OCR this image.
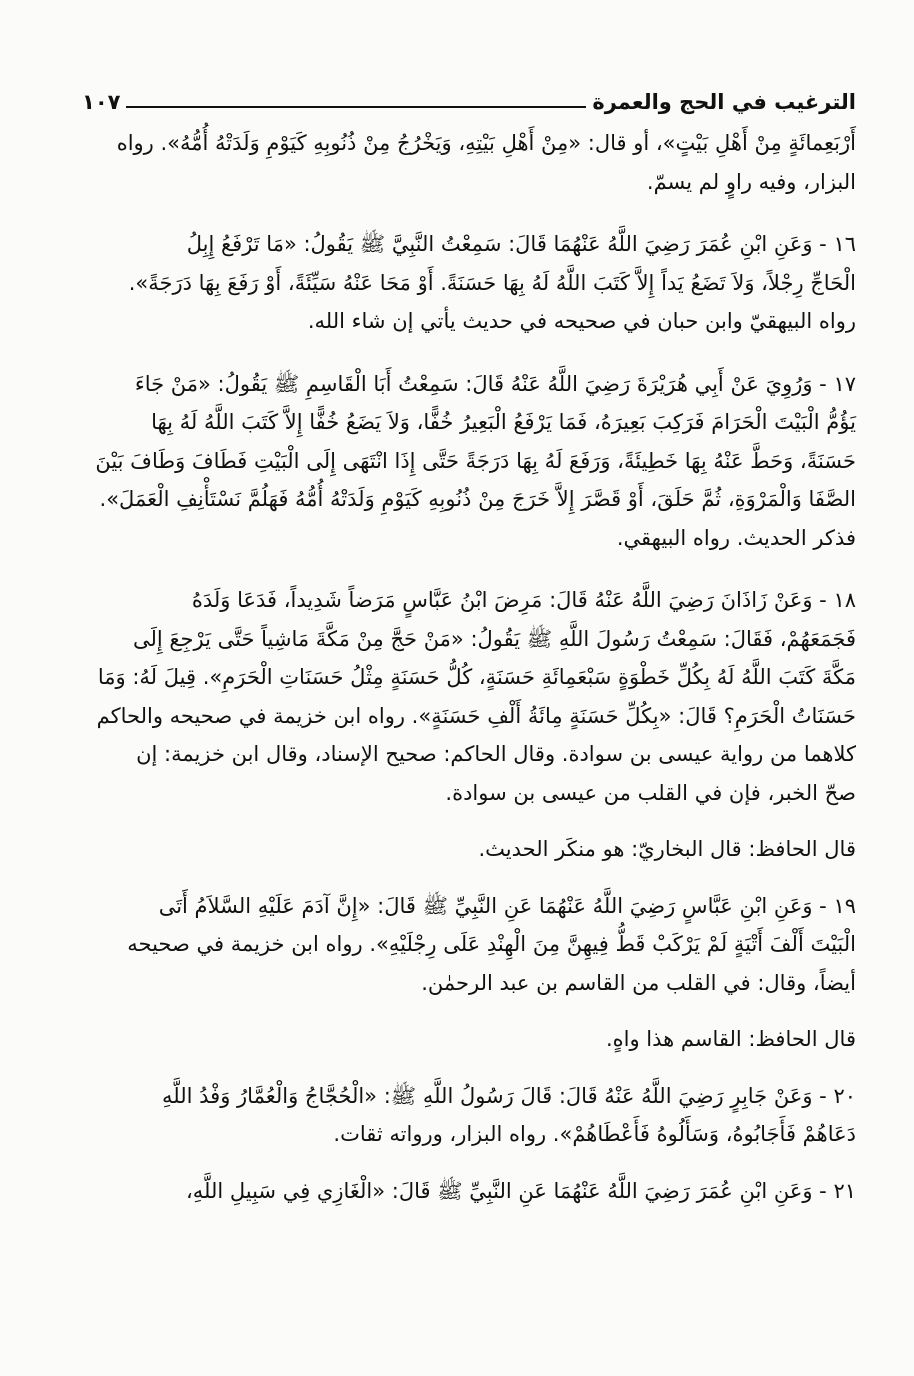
الترغيب في الحج والعمرة
١٠٧

أَرْبَعِمائَةٍ مِنْ أَهْلِ بَيْتٍ»، أو قال: «مِنْ أَهْلِ بَيْتِهِ، وَيَخْرُجُ مِنْ ذُنُوبِهِ كَيَوْمِ وَلَدَتْهُ أُمُّهُ». رواه

البزار، وفيه راوٍ لم يسمّ.

١٦ - وَعَنِ ابْنِ عُمَرَ رَضِيَ اللَّهُ عَنْهُمَا قَالَ: سَمِعْتُ النَّبِيَّ ﷺ يَقُولُ: «مَا تَرْفَعُ إِبِلُ

الْحَاجِّ رِجْلاً، وَلاَ تَضَعُ يَداً إِلاَّ كَتَبَ اللَّهُ لَهُ بِهَا حَسَنَةً. أَوْ مَحَا عَنْهُ سَيِّئَةً، أَوْ رَفَعَ بِهَا دَرَجَةً».

رواه البيهقيّ وابن حبان في صحيحه في حديث يأتي إن شاء الله.

١٧ - وَرُوِيَ عَنْ أَبِي هُرَيْرَةَ رَضِيَ اللَّهُ عَنْهُ قَالَ: سَمِعْتُ أَبَا الْقَاسِمِ ﷺ يَقُولُ: «مَنْ جَاءَ

يَؤُمُّ الْبَيْتَ الْحَرَامَ فَرَكِبَ بَعِيرَهُ، فَمَا يَرْفَعُ الْبَعِيرُ خُفًّا، وَلاَ يَضَعُ خُفًّا إِلاَّ كَتَبَ اللَّهُ لَهُ بِهَا

حَسَنَةً، وَحَطَّ عَنْهُ بِهَا خَطِيئَةً، وَرَفَعَ لَهُ بِهَا دَرَجَةً حَتَّى إِذَا انْتَهَى إِلَى الْبَيْتِ فَطَافَ وَطَافَ بَيْنَ

الصَّفَا وَالْمَرْوَةِ، ثُمَّ حَلَقَ، أَوْ قَصَّرَ إِلاَّ خَرَجَ مِنْ ذُنُوبِهِ كَيَوْمِ وَلَدَتْهُ أُمُّهُ فَهَلُمَّ نَسْتَأْنِفِ الْعَمَلَ».

فذكر الحديث. رواه البيهقي.

١٨ - وَعَنْ زَاذَانَ رَضِيَ اللَّهُ عَنْهُ قَالَ: مَرِضَ ابْنُ عَبَّاسٍ مَرَضاً شَدِيداً، فَدَعَا وَلَدَهُ

فَجَمَعَهُمْ، فَقَالَ: سَمِعْتُ رَسُولَ اللَّهِ ﷺ يَقُولُ: «مَنْ حَجَّ مِنْ مَكَّةَ مَاشِياً حَتَّى يَرْجِعَ إِلَى

مَكَّةَ كَتَبَ اللَّهُ لَهُ بِكُلِّ خَطْوَةٍ سَبْعَمِائَةِ حَسَنَةٍ، كُلُّ حَسَنَةٍ مِثْلُ حَسَنَاتِ الْحَرَمِ». قِيلَ لَهُ: وَمَا

حَسَنَاتُ الْحَرَمِ؟ قَالَ: «بِكُلِّ حَسَنَةٍ مِائَةُ أَلْفِ حَسَنَةٍ». رواه ابن خزيمة في صحيحه والحاكم

كلاهما من رواية عيسى بن سوادة. وقال الحاكم: صحيح الإسناد، وقال ابن خزيمة: إن

صحّ الخبر، فإن في القلب من عيسى بن سوادة.

قال الحافظ: قال البخاريّ: هو منكَر الحديث.

١٩ - وَعَنِ ابْنِ عَبَّاسٍ رَضِيَ اللَّهُ عَنْهُمَا عَنِ النَّبِيِّ ﷺ قَالَ: «إِنَّ آدَمَ عَلَيْهِ السَّلاَمُ أَتَى

الْبَيْتَ أَلْفَ أَتْيَةٍ لَمْ يَرْكَبْ قَطُّ فِيهِنَّ مِنَ الْهِنْدِ عَلَى رِجْلَيْهِ». رواه ابن خزيمة في صحيحه

أيضاً، وقال: في القلب من القاسم بن عبد الرحمٰن.

قال الحافظ: القاسم هذا واهٍ.

٢٠ - وَعَنْ جَابِرٍ رَضِيَ اللَّهُ عَنْهُ قَالَ: قَالَ رَسُولُ اللَّهِ ﷺ: «الْحُجَّاجُ وَالْعُمَّارُ وَفْدُ اللَّهِ

دَعَاهُمْ فَأَجَابُوهُ، وَسَأَلُوهُ فَأَعْطَاهُمْ». رواه البزار، ورواته ثقات.

٢١ - وَعَنِ ابْنِ عُمَرَ رَضِيَ اللَّهُ عَنْهُمَا عَنِ النَّبِيِّ ﷺ قَالَ: «الْغَازِي فِي سَبِيلِ اللَّهِ،
